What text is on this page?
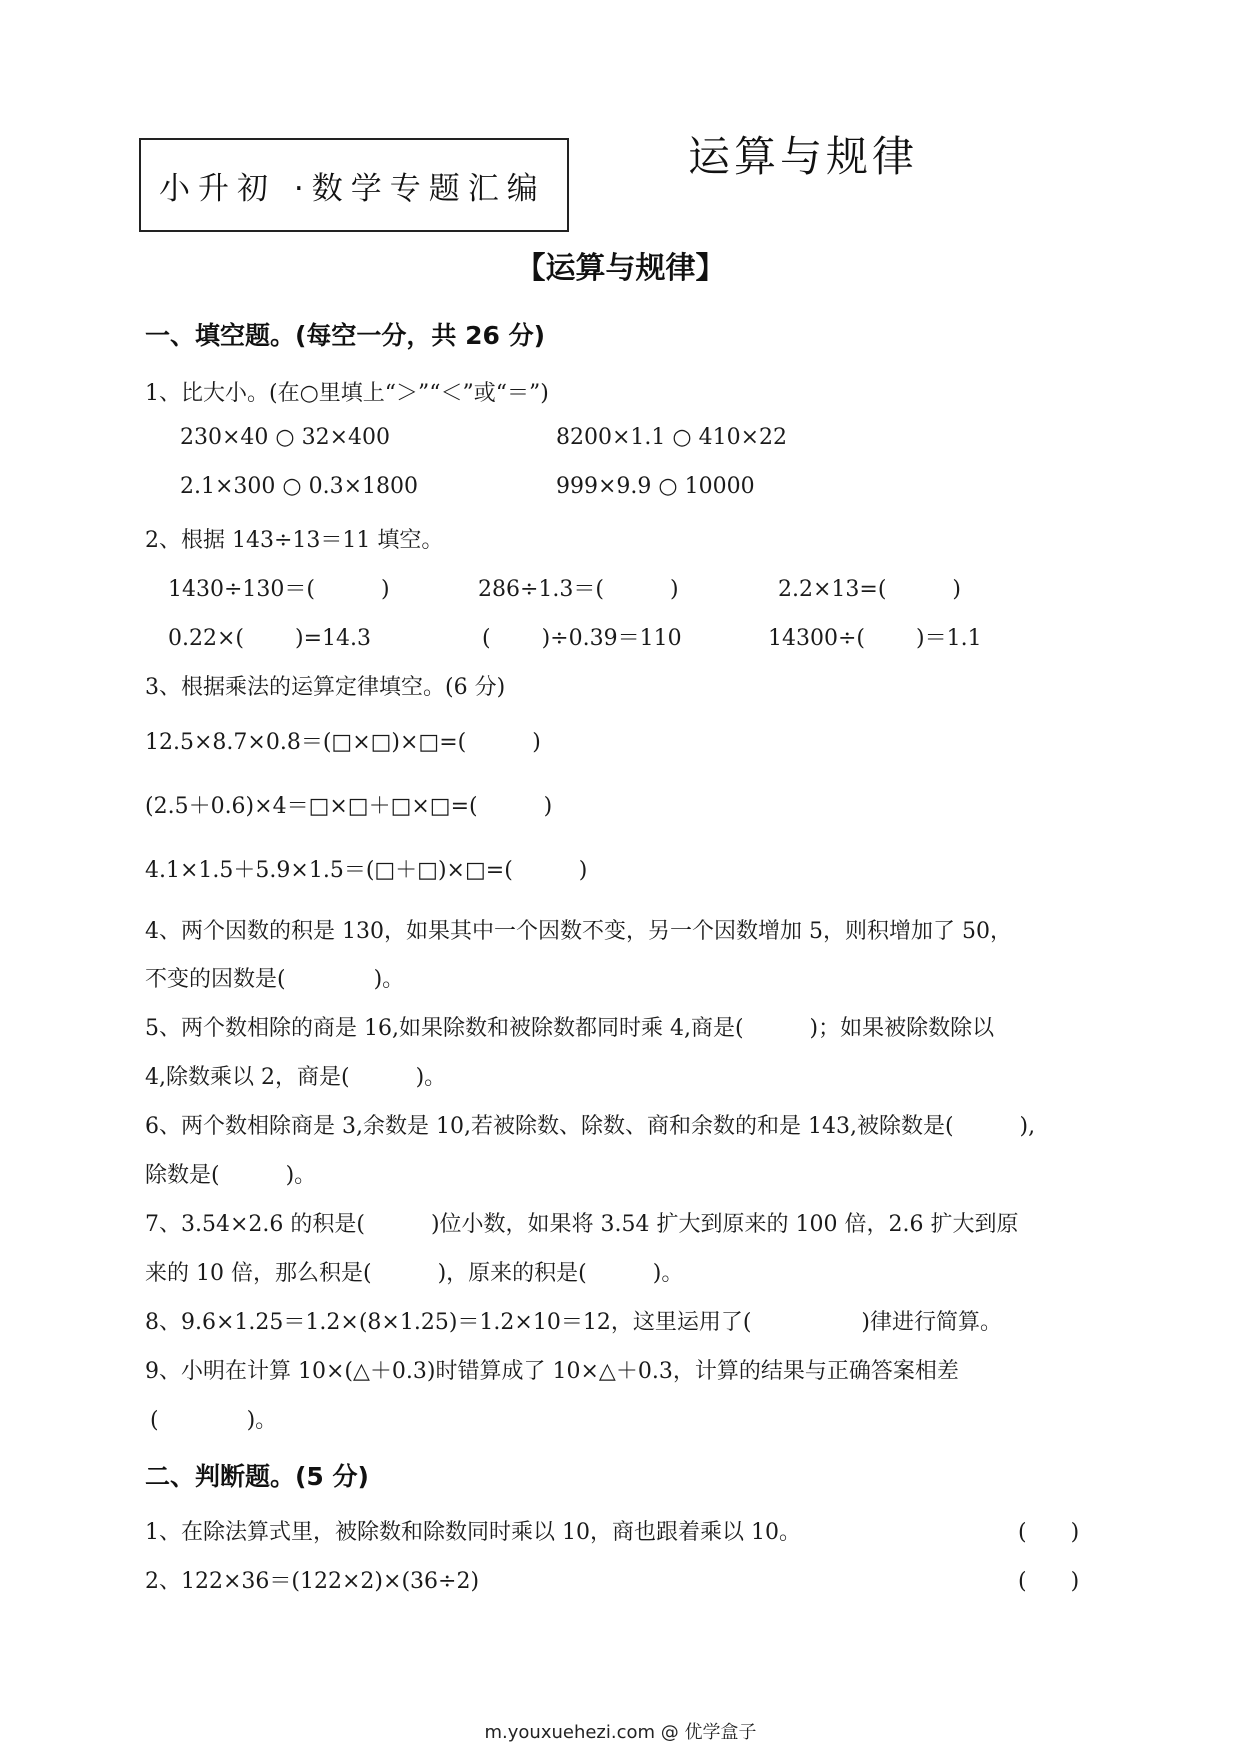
小升初 ·数学专题汇编
运算与规律
【运算与规律】
一、填空题。(每空一分，共 26 分)
1、比大小。(在○里填上“＞”“＜”或“＝”)
230×40 ○ 32×400	8200×1.1 ○ 410×22
2.1×300 ○ 0.3×1800	999×9.9 ○ 10000
2、根据 143÷13＝11 填空。
1430÷130＝(　　　)	286÷1.3＝(　　　)	2.2×13=(　　　)
0.22×(　　 )=14.3	(　　 )÷0.39＝110	14300÷(　　 )＝1.1
3、根据乘法的运算定律填空。(6 分)
12.5×8.7×0.8＝(□×□)×□=(　　　)
(2.5＋0.6)×4＝□×□＋□×□=(　　　)
4.1×1.5＋5.9×1.5＝(□＋□)×□=(　　　)
4、两个因数的积是 130，如果其中一个因数不变，另一个因数增加 5，则积增加了 50，
不变的因数是(　　　　)。
5、两个数相除的商是 16,如果除数和被除数都同时乘 4,商是(　　　)；如果被除数除以
4,除数乘以 2，商是(　　　)。
6、两个数相除商是 3,余数是 10,若被除数、除数、商和余数的和是 143,被除数是(　　　),
除数是(　　　)。
7、3.54×2.6 的积是(　　　)位小数，如果将 3.54 扩大到原来的 100 倍，2.6 扩大到原
来的 10 倍，那么积是(　　　)，原来的积是(　　　)。
8、9.6×1.25＝1.2×(8×1.25)＝1.2×10＝12，这里运用了(　　　　　)律进行简算。
9、小明在计算 10×(△＋0.3)时错算成了 10×△＋0.3，计算的结果与正确答案相差
(　　　　)。
二、判断题。(5 分)
1、在除法算式里，被除数和除数同时乘以 10，商也跟着乘以 10。	(　　)
2、122×36＝(122×2)×(36÷2)	(　　)
m.youxuehezi.com @ 优学盒子
